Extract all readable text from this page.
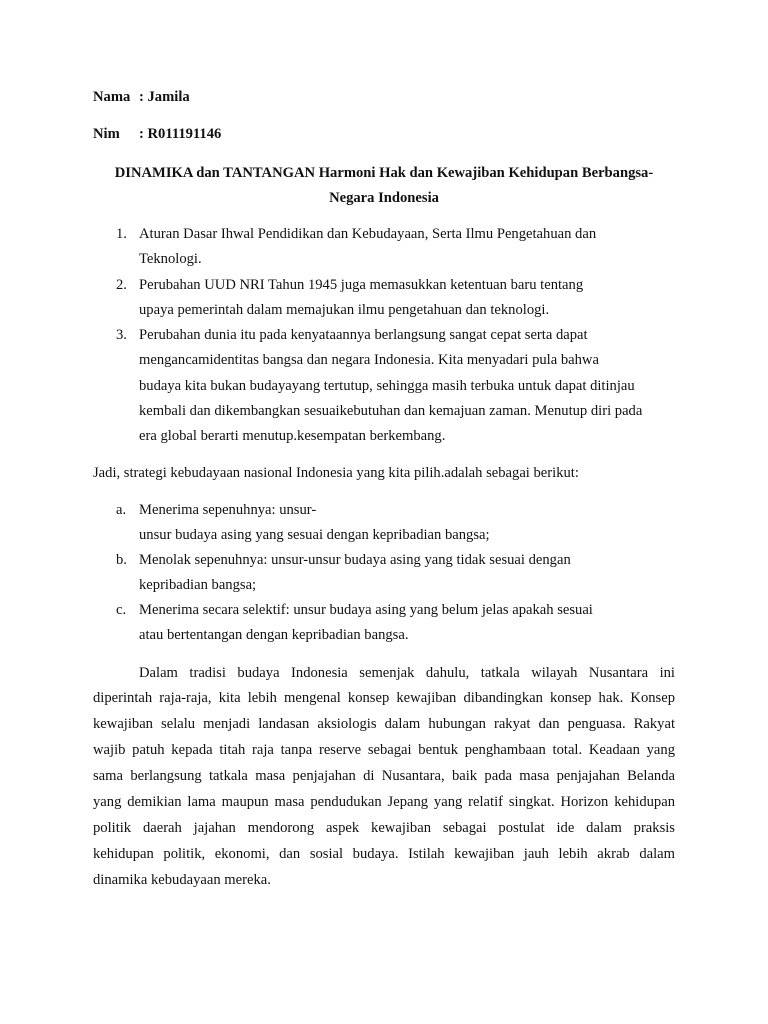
Nama : Jamila
Nim : R011191146
DINAMIKA dan TANTANGAN Harmoni Hak dan Kewajiban Kehidupan Berbangsa-
Negara Indonesia
1. Aturan Dasar Ihwal Pendidikan dan Kebudayaan, Serta Ilmu Pengetahuan dan
Teknologi.
2. Perubahan UUD NRI Tahun 1945 juga memasukkan ketentuan baru tentang
upaya pemerintah dalam memajukan ilmu pengetahuan dan teknologi.
3. Perubahan dunia itu pada kenyataannya berlangsung sangat cepat serta dapat
mengancamidentitas bangsa dan negara Indonesia. Kita menyadari pula bahwa
budaya kita bukan budayayang tertutup, sehingga masih terbuka untuk dapat ditinjau
kembali dan dikembangkan sesuaikebutuhan dan kemajuan zaman. Menutup diri pada
era global berarti menutup.kesempatan berkembang.
Jadi, strategi kebudayaan nasional Indonesia yang kita pilih.adalah sebagai berikut:
a. Menerima sepenuhnya: unsur-
unsur budaya asing yang sesuai dengan kepribadian bangsa;
b. Menolak sepenuhnya: unsur-unsur budaya asing yang tidak sesuai dengan
kepribadian bangsa;
c. Menerima secara selektif: unsur budaya asing yang belum jelas apakah sesuai
atau bertentangan dengan kepribadian bangsa.
Dalam tradisi budaya Indonesia semenjak dahulu, tatkala wilayah Nusantara ini
diperintah raja-raja, kita lebih mengenal konsep kewajiban dibandingkan konsep hak. Konsep
kewajiban selalu menjadi landasan aksiologis dalam hubungan rakyat dan penguasa. Rakyat
wajib patuh kepada titah raja tanpa reserve sebagai bentuk penghambaan total. Keadaan yang
sama berlangsung tatkala masa penjajahan di Nusantara, baik pada masa penjajahan Belanda
yang demikian lama maupun masa pendudukan Jepang yang relatif singkat. Horizon kehidupan
politik daerah jajahan mendorong aspek kewajiban sebagai postulat ide dalam praksis
kehidupan politik, ekonomi, dan sosial budaya. Istilah kewajiban jauh lebih akrab dalam
dinamika kebudayaan mereka.
